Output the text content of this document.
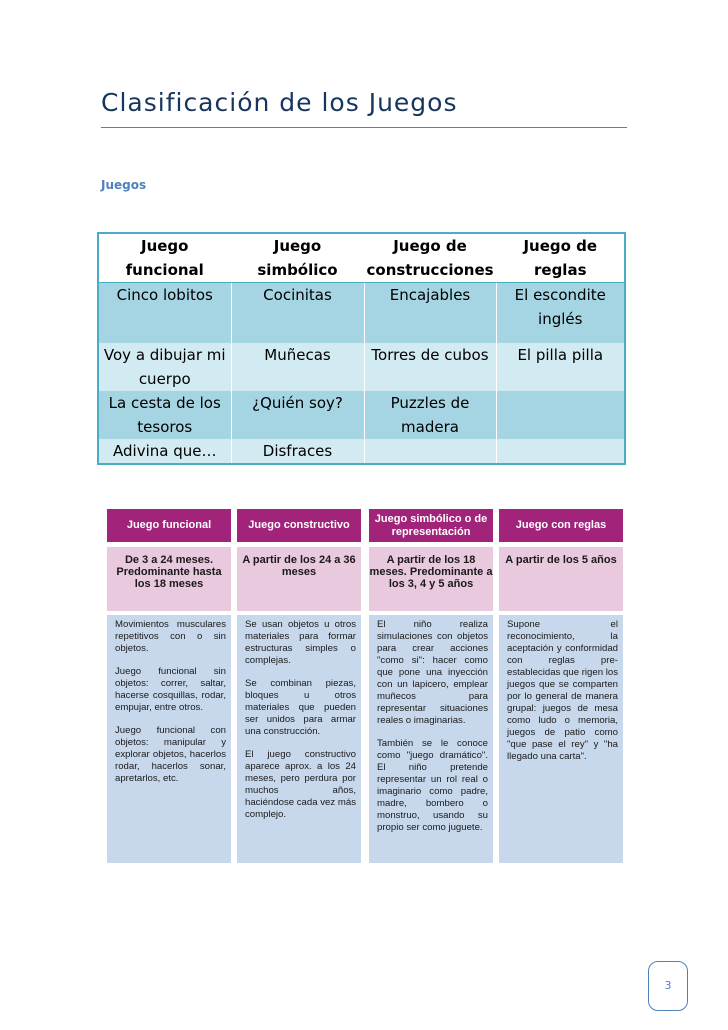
Clasificación de los Juegos
Juegos
Juego funcional	Juego simbólico	Juego de construcciones	Juego de reglas
Cinco lobitos	Cocinitas	Encajables	El escondite inglés
Voy a dibujar mi cuerpo	Muñecas	Torres de cubos	El pilla pilla
La cesta de los tesoros	¿Quién soy?	Puzzles de madera	
Adivina que…	Disfraces		
Juego funcional
De 3 a 24 meses. Predominante hasta los 18 meses

Movimientos musculares repetitivos con o sin objetos.

Juego funcional sin objetos: correr, saltar, hacerse cosquillas, rodar, empujar, entre otros.

Juego funcional con objetos: manipular y explorar objetos, hacerlos rodar, hacerlos sonar, apretarlos, etc.

Juego constructivo
A partir de los 24 a 36 meses

Se usan objetos u otros materiales para formar estructuras simples o complejas.

Se combinan piezas, bloques u otros materiales que pueden ser unidos para armar una construcción.

El juego constructivo aparece aprox. a los 24 meses, pero perdura por muchos años, haciéndose cada vez más complejo.

Juego simbólico o de representación
A partir de los 18 meses. Predominante a los 3, 4 y 5 años

El niño realiza simulaciones con objetos para crear acciones "como si": hacer como que pone una inyección con un lapicero, emplear muñecos para representar situaciones reales o imaginarias.

También se le conoce como "juego dramático". El niño pretende representar un rol real o imaginario como padre, madre, bombero o monstruo, usando su propio ser como juguete.

Juego con reglas
A partir de los 5 años

Supone el reconocimiento, la aceptación y conformidad con reglas pre-establecidas que rigen los juegos que se comparten por lo general de manera grupal: juegos de mesa como ludo o memoria, juegos de patio como "que pase el rey" y "ha llegado una carta".

3
